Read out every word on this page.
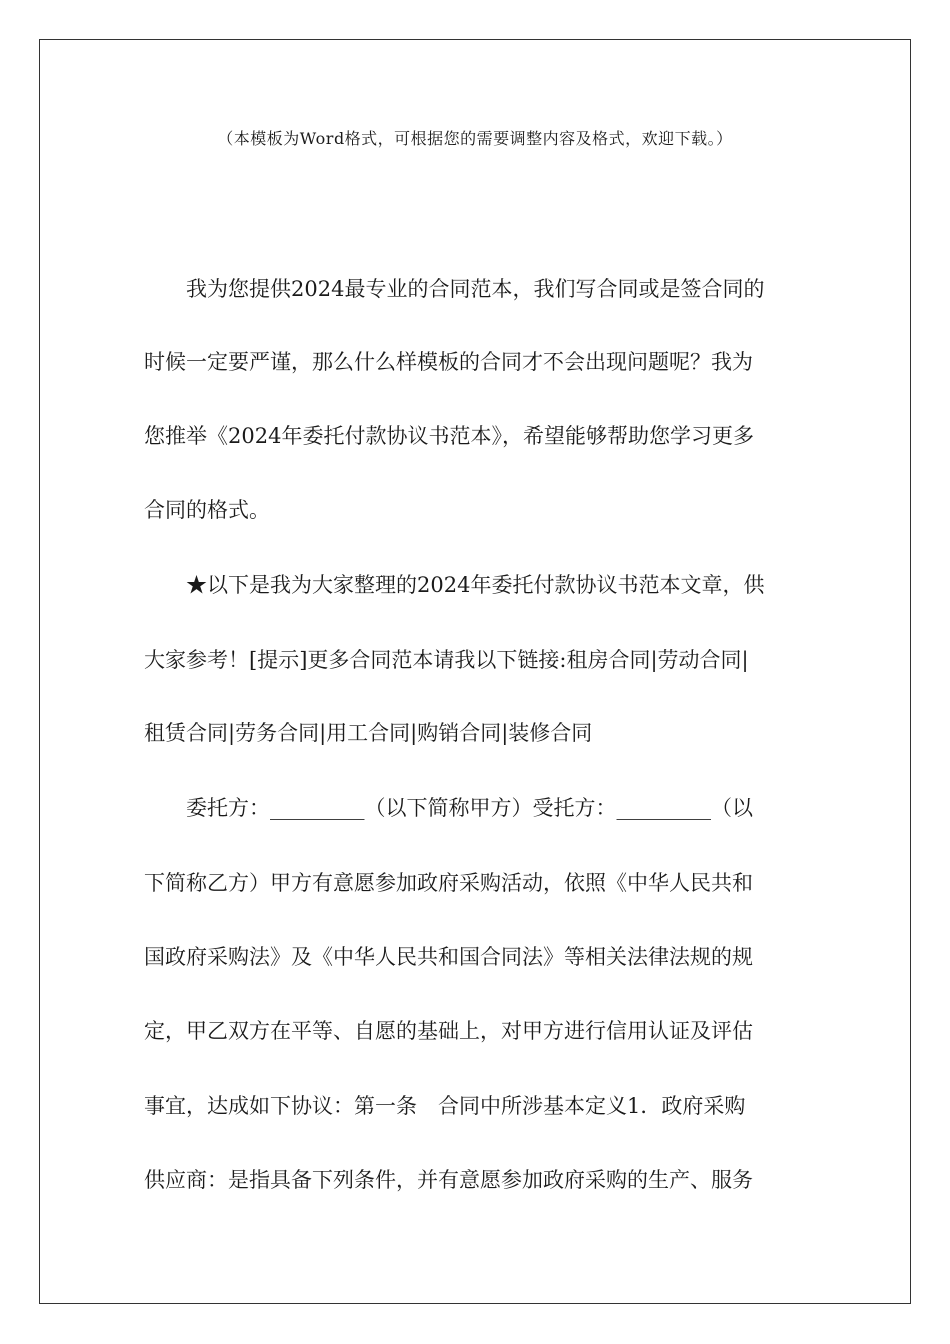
（本模板为Word格式，可根据您的需要调整内容及格式，欢迎下载。）
　　我为您提供2024最专业的合同范本，我们写合同或是签合同的
时候一定要严谨，那么什么样模板的合同才不会出现问题呢？我为
您推举《2024年委托付款协议书范本》，希望能够帮助您学习更多
合同的格式。
　　★以下是我为大家整理的2024年委托付款协议书范本文章，供
大家参考！[提示]更多合同范本请我以下链接:租房合同|劳动合同|
租赁合同|劳务合同|用工合同|购销合同|装修合同
　　委托方：_________（以下简称甲方）受托方：_________（以
下简称乙方）甲方有意愿参加政府采购活动，依照《中华人民共和
国政府采购法》及《中华人民共和国合同法》等相关法律法规的规
定，甲乙双方在平等、自愿的基础上，对甲方进行信用认证及评估
事宜，达成如下协议：第一条　合同中所涉基本定义1．政府采购
供应商：是指具备下列条件，并有意愿参加政府采购的生产、服务
